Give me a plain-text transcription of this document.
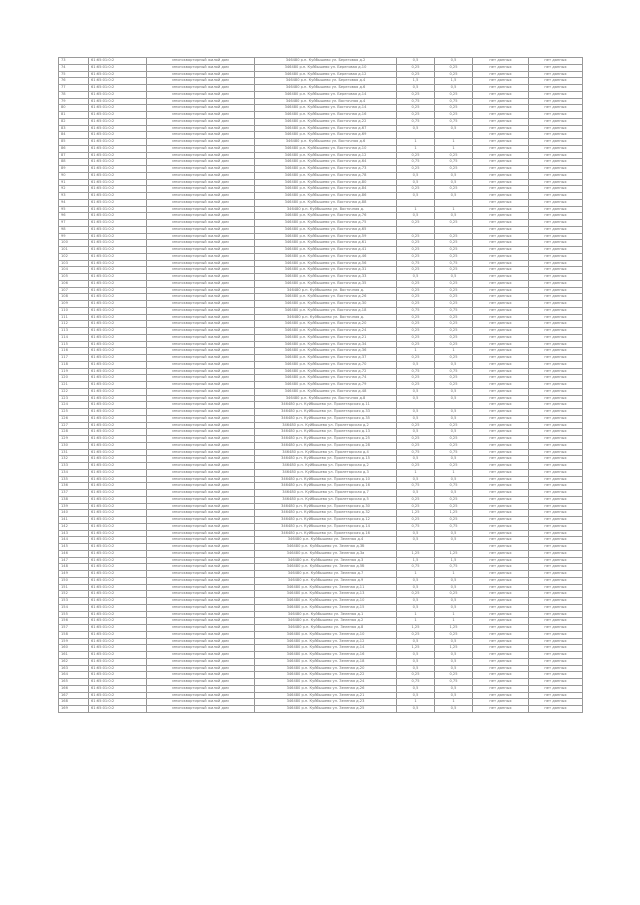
73	61:65:01:0:2	многоквартирный жилой дом	346480 р.п. Куйбышево ул. Береговая д.2	0,5	0,5	нет данных	нет данных
74	61:65:01:0:2	многоквартирный жилой дом	346480 р.п. Куйбышево ул. Береговая д.10	0,25	0,25	нет данных	нет данных
75	61:65:01:0:2	многоквартирный жилой дом	346480 р.п. Куйбышево ул. Береговая д.12	0,25	0,25	нет данных	нет данных
76	61:65:01:0:2	многоквартирный жилой дом	346480 р.п. Куйбышево ул. Береговая д.4	1,5	1,5	нет данных	нет данных
77	61:65:01:0:2	многоквартирный жилой дом	346480 р.п. Куйбышево ул. Береговая д.6	0,5	0,5	нет данных	нет данных
78	61:65:01:0:2	многоквартирный жилой дом	346480 р.п. Куйбышево ул. Береговая д.14	0,25	0,25	нет данных	нет данных
79	61:65:01:0:2	многоквартирный жилой дом	346480 р.п. Куйбышево ул. Восточная д.4	0,75	0,75	нет данных	нет данных
80	61:65:01:0:2	многоквартирный жилой дом	346480 р.п. Куйбышево ул. Восточная д.14	0,25	0,25	нет данных	нет данных
81	61:65:01:0:2	многоквартирный жилой дом	346480 р.п. Куйбышево ул. Восточная д.16	0,25	0,25	нет данных	нет данных
82	61:65:01:0:2	многоквартирный жилой дом	346480 р.п. Куйбышево ул. Восточная д.22	0,75	0,75	нет данных	нет данных
83	61:65:01:0:2	многоквартирный жилой дом	346480 р.п. Куйбышево ул. Восточная д.67	0,5	0,5	нет данных	нет данных
84	61:65:01:0:2	многоквартирный жилой дом	346480 р.п. Куйбышево ул. Восточная д.69			нет данных	нет данных
85	61:65:01:0:2	многоквартирный жилой дом	346480 р.п. Куйбышево ул. Восточная д.6	1	1	нет данных	нет данных
86	61:65:01:0:2	многоквартирный жилой дом	346480 р.п. Куйбышево ул. Восточная д.10	1	1	нет данных	нет данных
87	61:65:01:0:2	многоквартирный жилой дом	346480 р.п. Куйбышево ул. Восточная д.12	0,25	0,25	нет данных	нет данных
88	61:65:01:0:2	многоквартирный жилой дом	346480 р.п. Куйбышево ул. Восточная д.64	0,75	0,75	нет данных	нет данных
89	61:65:01:0:2	многоквартирный жилой дом	346480 р.п. Куйбышево ул. Восточная д.73	0,25	0,25	нет данных	нет данных
90	61:65:01:0:2	многоквартирный жилой дом	346480 р.п. Куйбышево ул. Восточная д.78	0,5	0,5	нет данных	нет данных
91	61:65:01:0:2	многоквартирный жилой дом	346480 р.п. Куйбышево ул. Восточная д.80	0,5	0,5	нет данных	нет данных
92	61:65:01:0:2	многоквартирный жилой дом	346480 р.п. Куйбышево ул. Восточная д.84	0,25	0,25	нет данных	нет данных
93	61:65:01:0:2	многоквартирный жилой дом	346480 р.п. Куйбышево ул. Восточная д.86	0,5	0,5	нет данных	нет данных
94	61:65:01:0:2	многоквартирный жилой дом	346480 р.п. Куйбышево ул. Восточная д.88			нет данных	нет данных
95	61:65:01:0:2	многоквартирный жилой дом	346480 р.п. Куйбышево ул. Восточная д.	1	1	нет данных	нет данных
96	61:65:01:0:2	многоквартирный жилой дом	346480 р.п. Куйбышево ул. Восточная д.76	0,5	0,5	нет данных	нет данных
97	61:65:01:0:2	многоквартирный жилой дом	346480 р.п. Куйбышево ул. Восточная д.75	0,25	0,25	нет данных	нет данных
98	61:65:01:0:2	многоквартирный жилой дом	346480 р.п. Куйбышево ул. Восточная д.65			нет данных	нет данных
99	61:65:01:0:2	многоквартирный жилой дом	346480 р.п. Куйбышево ул. Восточная д.59	0,25	0,25	нет данных	нет данных
100	61:65:01:0:2	многоквартирный жилой дом	346480 р.п. Куйбышево ул. Восточная д.61	0,25	0,25	нет данных	нет данных
101	61:65:01:0:2	многоквартирный жилой дом	346480 р.п. Куйбышево ул. Восточная д.41	0,25	0,25	нет данных	нет данных
102	61:65:01:0:2	многоквартирный жилой дом	346480 р.п. Куйбышево ул. Восточная д.46	0,25	0,25	нет данных	нет данных
103	61:65:01:0:2	многоквартирный жилой дом	346480 р.п. Куйбышево ул. Восточная д.56	0,75	0,75	нет данных	нет данных
104	61:65:01:0:2	многоквартирный жилой дом	346480 р.п. Куйбышево ул. Восточная д.31	0,25	0,25	нет данных	нет данных
105	61:65:01:0:2	многоквартирный жилой дом	346480 р.п. Куйбышево ул. Восточная д.33	0,5	0,5	нет данных	нет данных
106	61:65:01:0:2	многоквартирный жилой дом	346480 р.п. Куйбышево ул. Восточная д.35	0,25	0,25	нет данных	нет данных
107	61:65:01:0:2	многоквартирный жилой дом	346480 р.п. Куйбышево ул. Восточная д.	0,25	0,25	нет данных	нет данных
108	61:65:01:0:2	многоквартирный жилой дом	346480 р.п. Куйбышево ул. Восточная д.26	0,25	0,25	нет данных	нет данных
109	61:65:01:0:2	многоквартирный жилой дом	346480 р.п. Куйбышево ул. Восточная д.30	0,25	0,25	нет данных	нет данных
110	61:65:01:0:2	многоквартирный жилой дом	346480 р.п. Куйбышево ул. Восточная д.18	0,75	0,75	нет данных	нет данных
111	61:65:01:0:2	многоквартирный жилой дом	346480 р.п. Куйбышево ул. Восточная д.	0,25	0,25	нет данных	нет данных
112	61:65:01:0:2	многоквартирный жилой дом	346480 р.п. Куйбышево ул. Восточная д.20	0,25	0,25	нет данных	нет данных
113	61:65:01:0:2	многоквартирный жилой дом	346480 р.п. Куйбышево ул. Восточная д.24	0,25	0,25	нет данных	нет данных
114	61:65:01:0:2	многоквартирный жилой дом	346480 р.п. Куйбышево ул. Восточная д.21	0,25	0,25	нет данных	нет данных
115	61:65:01:0:2	многоквартирный жилой дом	346480 р.п. Куйбышево ул. Восточная д.34	0,25	0,25	нет данных	нет данных
116	61:65:01:0:2	многоквартирный жилой дом	346480 р.п. Куйбышево ул. Восточная д.36	1	1	нет данных	нет данных
117	61:65:01:0:2	многоквартирный жилой дом	346480 р.п. Куйбышево ул. Восточная д.37	0,25	0,25	нет данных	нет данных
118	61:65:01:0:2	многоквартирный жилой дом	346480 р.п. Куйбышево ул. Восточная д.70	0,5	0,5	нет данных	нет данных
119	61:65:01:0:2	многоквартирный жилой дом	346480 р.п. Куйбышево ул. Восточная д.72	0,75	0,75	нет данных	нет данных
120	61:65:01:0:2	многоквартирный жилой дом	346480 р.п. Куйбышево ул. Восточная д.74	0,25	0,25	нет данных	нет данных
121	61:65:01:0:2	многоквартирный жилой дом	346480 р.п. Куйбышево ул. Восточная д.79	0,25	0,25	нет данных	нет данных
122	61:65:01:0:2	многоквартирный жилой дом	346480 р.п. Куйбышево ул. Восточная д.48	0,5	0,5	нет данных	нет данных
123	61:65:01:0:2	многоквартирный жилой дом	346480 р.п. Куйбышево ул. Восточная д.8	0,5	0,5	нет данных	нет данных
124	61:65:01:0:2	многоквартирный жилой дом	346480 р.п. Куйбышево ул. Пролетарская д.11			нет данных	нет данных
125	61:65:01:0:2	многоквартирный жилой дом	346480 р.п. Куйбышево ул. Пролетарская д.33	0,5	0,5	нет данных	нет данных
126	61:65:01:0:2	многоквартирный жилой дом	346480 р.п. Куйбышево ул. Пролетарская д.35	0,5	0,5	нет данных	нет данных
127	61:65:01:0:2	многоквартирный жилой дом	346480 р.п. Куйбышево ул. Пролетарская д.2	0,25	0,25	нет данных	нет данных
128	61:65:01:0:2	многоквартирный жилой дом	346480 р.п. Куйбышево ул. Пролетарская д.13	0,5	0,5	нет данных	нет данных
129	61:65:01:0:2	многоквартирный жилой дом	346480 р.п. Куйбышево ул. Пролетарская д.25	0,25	0,25	нет данных	нет данных
130	61:65:01:0:2	многоквартирный жилой дом	346480 р.п. Куйбышево ул. Пролетарская д.28	0,25	0,25	нет данных	нет данных
131	61:65:01:0:2	многоквартирный жилой дом	346480 р.п. Куйбышево ул. Пролетарская д.4	0,75	0,75	нет данных	нет данных
132	61:65:01:0:2	многоквартирный жилой дом	346480 р.п. Куйбышево ул. Пролетарская д.15	0,5	0,5	нет данных	нет данных
133	61:65:01:0:2	многоквартирный жилой дом	346480 р.п. Куйбышево ул. Пролетарская д.2	0,25	0,25	нет данных	нет данных
134	61:65:01:0:2	многоквартирный жилой дом	346480 р.п. Куйбышево ул. Пролетарская д.3	1	1	нет данных	нет данных
135	61:65:01:0:2	многоквартирный жилой дом	346480 р.п. Куйбышево ул. Пролетарская д.10	0,5	0,5	нет данных	нет данных
136	61:65:01:0:2	многоквартирный жилой дом	346480 р.п. Куйбышево ул. Пролетарская д.16	0,75	0,75	нет данных	нет данных
137	61:65:01:0:2	многоквартирный жилой дом	346480 р.п. Куйбышево ул. Пролетарская д.7	0,5	0,5	нет данных	нет данных
138	61:65:01:0:2	многоквартирный жилой дом	346480 р.п. Куйбышево ул. Пролетарская д.5	0,25	0,25	нет данных	нет данных
139	61:65:01:0:2	многоквартирный жилой дом	346480 р.п. Куйбышево ул. Пролетарская д.30	0,25	0,25	нет данных	нет данных
140	61:65:01:0:2	многоквартирный жилой дом	346480 р.п. Куйбышево ул. Пролетарская д.32	1,25	1,25	нет данных	нет данных
141	61:65:01:0:2	многоквартирный жилой дом	346480 р.п. Куйбышево ул. Пролетарская д.12	0,25	0,25	нет данных	нет данных
142	61:65:01:0:2	многоквартирный жилой дом	346480 р.п. Куйбышево ул. Пролетарская д.14	0,75	0,75	нет данных	нет данных
143	61:65:01:0:2	многоквартирный жилой дом	346480 р.п. Куйбышево ул. Пролетарская д.16	0,5	0,5	нет данных	нет данных
144	61:65:01:0:2	многоквартирный жилой дом	346480 р.п. Куйбышево ул. Зеленая д.4	0,5	0,5	нет данных	нет данных
145	61:65:01:0:2	многоквартирный жилой дом	346480 р.п. Куйбышево ул. Зеленая д.3б			нет данных	нет данных
146	61:65:01:0:2	многоквартирный жилой дом	346480 р.п. Куйбышево ул. Зеленая д.3а	1,25	1,25	нет данных	нет данных
147	61:65:01:0:2	многоквартирный жилой дом	346480 р.п. Куйбышево ул. Зеленая д.3	1,5	1,5	нет данных	нет данных
148	61:65:01:0:2	многоквартирный жилой дом	346480 р.п. Куйбышево ул. Зеленая д.5б	0,75	0,75	нет данных	нет данных
149	61:65:01:0:2	многоквартирный жилой дом	346480 р.п. Куйбышево ул. Зеленая д.7	1	1	нет данных	нет данных
150	61:65:01:0:2	многоквартирный жилой дом	346480 р.п. Куйбышево ул. Зеленая д.9	0,5	0,5	нет данных	нет данных
151	61:65:01:0:2	многоквартирный жилой дом	346480 р.п. Куйбышево ул. Зеленая д.11	0,5	0,5	нет данных	нет данных
152	61:65:01:0:2	многоквартирный жилой дом	346480 р.п. Куйбышево ул. Зеленая д.13	0,25	0,25	нет данных	нет данных
153	61:65:01:0:2	многоквартирный жилой дом	346480 р.п. Куйбышево ул. Зеленая д.10	0,5	0,5	нет данных	нет данных
154	61:65:01:0:2	многоквартирный жилой дом	346480 р.п. Куйбышево ул. Зеленая д.15	0,5	0,5	нет данных	нет данных
155	61:65:01:0:2	многоквартирный жилой дом	346480 р.п. Куйбышево ул. Зеленая д.1	1	1	нет данных	нет данных
156	61:65:01:0:2	многоквартирный жилой дом	346480 р.п. Куйбышево ул. Зеленая д.2	1	1	нет данных	нет данных
157	61:65:01:0:2	многоквартирный жилой дом	346480 р.п. Куйбышево ул. Зеленая д.8	1,25	1,25	нет данных	нет данных
158	61:65:01:0:2	многоквартирный жилой дом	346480 р.п. Куйбышево ул. Зеленая д.10	0,25	0,25	нет данных	нет данных
159	61:65:01:0:2	многоквартирный жилой дом	346480 р.п. Куйбышево ул. Зеленая д.12	0,5	0,5	нет данных	нет данных
160	61:65:01:0:2	многоквартирный жилой дом	346480 р.п. Куйбышево ул. Зеленая д.14	1,25	1,25	нет данных	нет данных
161	61:65:01:0:2	многоквартирный жилой дом	346480 р.п. Куйбышево ул. Зеленая д.16	0,5	0,5	нет данных	нет данных
162	61:65:01:0:2	многоквартирный жилой дом	346480 р.п. Куйбышево ул. Зеленая д.18	0,5	0,5	нет данных	нет данных
163	61:65:01:0:2	многоквартирный жилой дом	346480 р.п. Куйбышево ул. Зеленая д.20	0,5	0,5	нет данных	нет данных
164	61:65:01:0:2	многоквартирный жилой дом	346480 р.п. Куйбышево ул. Зеленая д.22	0,25	0,25	нет данных	нет данных
165	61:65:01:0:2	многоквартирный жилой дом	346480 р.п. Куйбышево ул. Зеленая д.24	0,75	0,75	нет данных	нет данных
166	61:65:01:0:2	многоквартирный жилой дом	346480 р.п. Куйбышево ул. Зеленая д.26	0,5	0,5	нет данных	нет данных
167	61:65:01:0:2	многоквартирный жилой дом	346480 р.п. Куйбышево ул. Зеленая д.21	0,5	0,5	нет данных	нет данных
168	61:65:01:0:2	многоквартирный жилой дом	346480 р.п. Куйбышево ул. Зеленая д.23	1	1	нет данных	нет данных
169	61:65:01:0:2	многоквартирный жилой дом	346480 р.п. Куйбышево ул. Зеленая д.25	0,5	0,5	нет данных	нет данных
